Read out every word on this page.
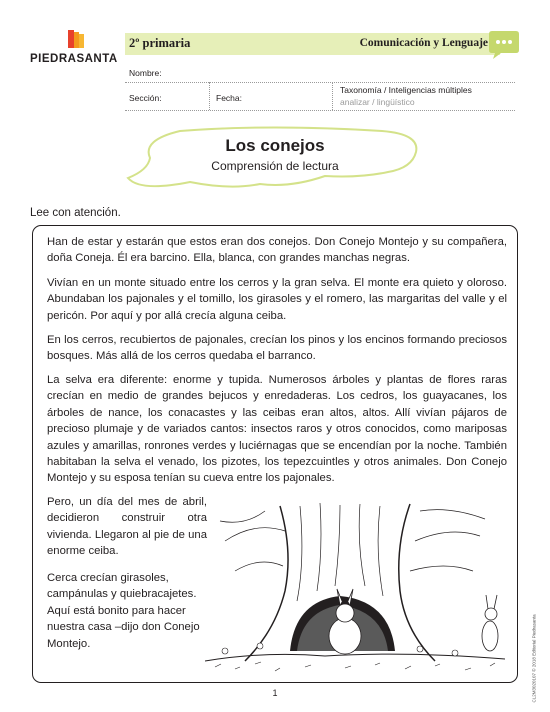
PIEDRASANTA
2º primaria	Comunicación y Lenguaje
Nombre:
Sección:	Fecha:
Taxonomía / Inteligencias múltiples
analizar / lingüístico
Los conejos
Comprensión de lectura
Lee con atención.

Han de estar y estarán que estos eran dos conejos. Don Conejo Montejo y su compañera, doña Coneja. Él era barcino. Ella, blanca, con grandes manchas negras.

Vivían en un monte situado entre los cerros y la gran selva. El monte era quieto y oloroso. Abundaban los pajonales y el tomillo, los girasoles y el romero, las margaritas del valle y el pericón. Por aquí y por allá crecía alguna ceiba.

En los cerros, recubiertos de pajonales, crecían los pinos y los encinos formando preciosos bosques. Más allá de los cerros quedaba el barranco.

La selva era diferente: enorme y tupida. Numerosos árboles y plantas de flores raras crecían en medio de grandes bejucos y enredaderas. Los cedros, los guayacanes, los árboles de nance, los conacastes y las ceibas eran altos, altos. Allí vivían pájaros de precioso plumaje y de variados cantos: insectos raros y otros conocidos, como mariposas azules y amarillas, ronrones verdes y luciérnagas que se encendían por la noche. También habitaban la selva el venado, los pizotes, los tepezcuintles y otros animales. Don Conejo Montejo y su esposa tenían su cueva entre los pajonales.

Pero, un día del mes de abril, decidieron construir otra vivienda. Llegaron al pie de una enorme ceiba.

Cerca crecían girasoles, campánulas y quiebracajetes. Aquí está bonito para hacer nuestra casa –dijo don Conejo Montejo.	CL2M3020107 © 2018 Editorial Piedrasanta
1
